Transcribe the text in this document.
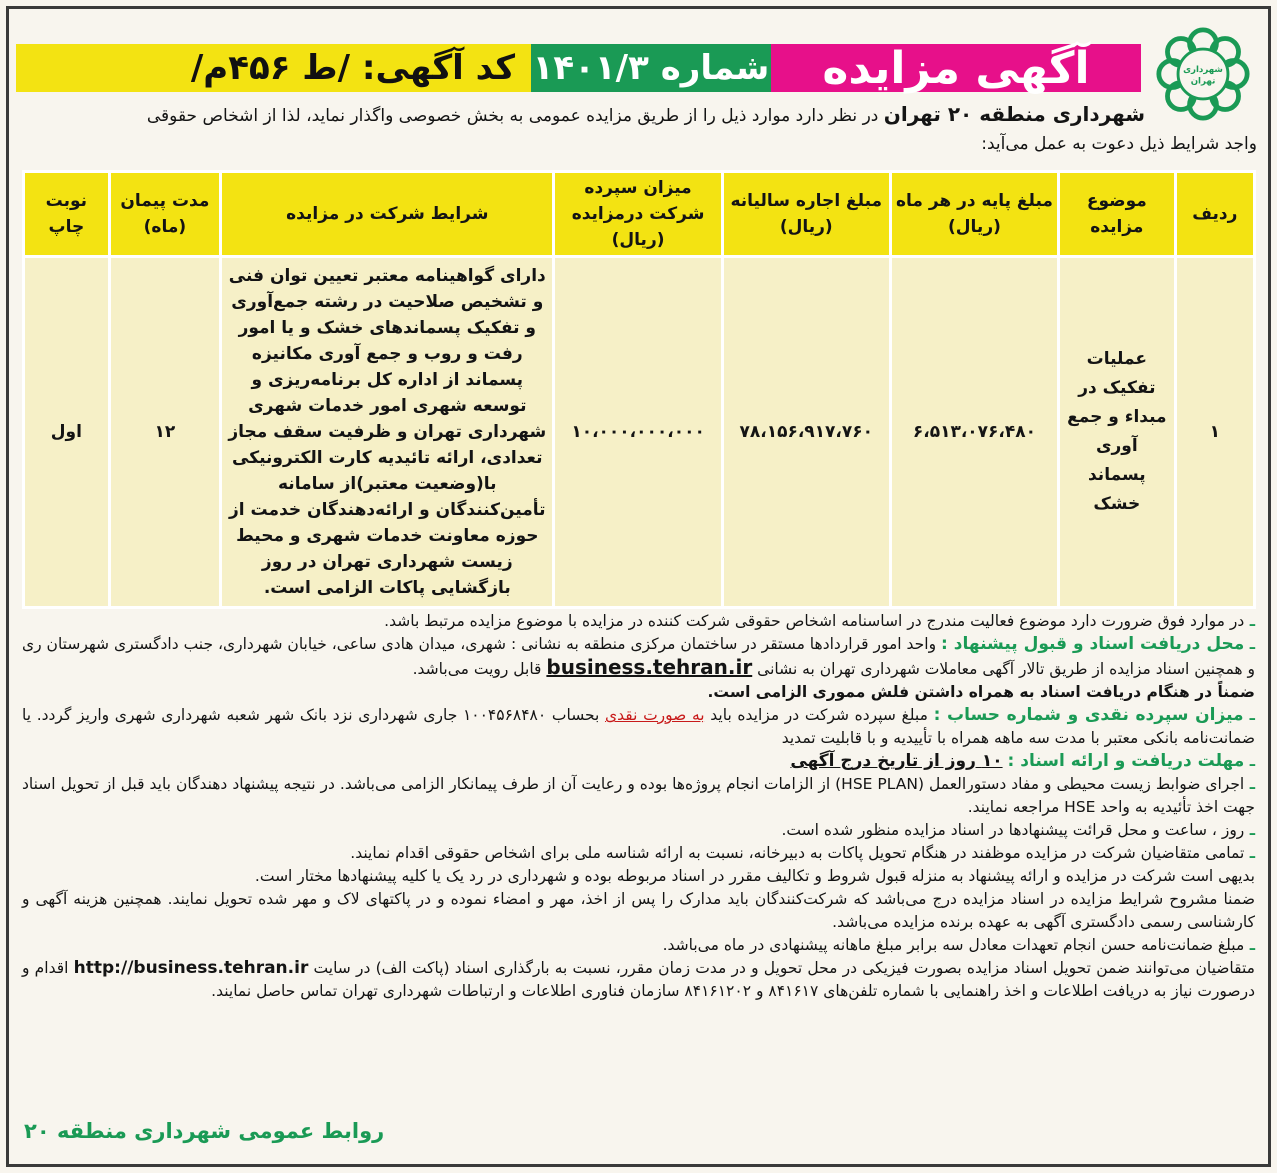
شهرداری
تهران
آگهی مزایده
شماره ۱۴۰۱/۳
کد آگهی: /ط ۴۵۶م/
شهرداری منطقه ۲۰ تهران در نظر دارد موارد ذیل را از طریق مزایده عمومی به بخش خصوصی واگذار نماید، لذا از اشخاص حقوقی
واجد شرایط ذیل دعوت به عمل می‌آید:
ردیف	موضوع مزایده	مبلغ پایه در هر ماه (ریال)	مبلغ اجاره سالیانه (ریال)	میزان سپرده شرکت درمزایده (ریال)	شرایط شرکت در مزایده	مدت پیمان (ماه)	نوبت چاپ
۱	عملیات تفکیک در مبداء و جمع آوری پسماند خشک	۶،۵۱۳،۰۷۶،۴۸۰	۷۸،۱۵۶،۹۱۷،۷۶۰	۱۰،۰۰۰،۰۰۰،۰۰۰	دارای گواهینامه معتبر تعیین توان فنی و تشخیص صلاحیت در رشته جمع‌آوری و تفکیک پسماندهای خشک و یا امور رفت و روب و جمع آوری مکانیزه پسماند از اداره کل برنامه‌ریزی و توسعه شهری امور خدمات شهری شهرداری تهران و ظرفیت سقف مجاز تعدادی، ارائه تائیدیه کارت الکترونیکی با(وضعیت معتبر)از سامانه تأمین‌کنندگان و ارائه‌دهندگان خدمت از حوزه معاونت خدمات شهری و محیط زیست شهرداری تهران در روز بازگشایی پاکات الزامی است.	۱۲	اول

ـ در موارد فوق ضرورت دارد موضوع فعالیت مندرج در اساسنامه اشخاص حقوقی شرکت کننده در مزایده با موضوع مزایده مرتبط باشد.

ـ محل دریافت اسناد و قبول پیشنهاد : واحد امور قراردادها مستقر در ساختمان مرکزی منطقه به نشانی : شهری، میدان هادی ساعی، خیابان شهرداری، جنب دادگستری شهرستان ری و همچنین اسناد مزایده از طریق تالار آگهی معاملات شهرداری تهران به نشانی business.tehran.ir قابل رویت می‌باشد.

ضمناً در هنگام دریافت اسناد به همراه داشتن فلش مموری الزامی است.

ـ میزان سپرده نقدی و شماره حساب : مبلغ سپرده شرکت در مزایده باید به صورت نقدی بحساب ۱۰۰۴۵۶۸۴۸۰ جاری شهرداری نزد بانک شهر شعبه شهرداری شهری واریز گردد. یا ضمانت‌نامه بانکی معتبر با مدت سه ماهه همراه با تأییدیه و با قابلیت تمدید

ـ مهلت دریافت و ارائه اسناد : ۱۰ روز از تاریخ درج آگهی

ـ اجرای ضوابط زیست محیطی و مفاد دستورالعمل (HSE PLAN) از الزامات انجام پروژه‌ها بوده و رعایت آن از طرف پیمانکار الزامی می‌باشد. در نتیجه پیشنهاد دهندگان باید قبل از تحویل اسناد جهت اخذ تأئیدیه به واحد HSE مراجعه نمایند.

ـ روز ، ساعت و محل قرائت پیشنهادها در اسناد مزایده منظور شده است.

ـ تمامی متقاضیان شرکت در مزایده موظفند در هنگام تحویل پاکات به دبیرخانه، نسبت به ارائه شناسه ملی برای اشخاص حقوقی اقدام نمایند.

بدیهی است شرکت در مزایده و ارائه پیشنهاد به منزله قبول شروط و تکالیف مقرر در اسناد مربوطه بوده و شهرداری در رد یک یا کلیه پیشنهادها مختار است.

ضمنا مشروح شرایط مزایده در اسناد مزایده درج می‌باشد که شرکت‌کنندگان باید مدارک را پس از اخذ، مهر و امضاء نموده و در پاکتهای لاک و مهر شده تحویل نمایند. همچنین هزینه آگهی و کارشناسی رسمی دادگستری آگهی به عهده برنده مزایده می‌باشد.

ـ مبلغ ضمانت‌نامه حسن انجام تعهدات معادل سه برابر مبلغ ماهانه پیشنهادی در ماه می‌باشد.

متقاضیان می‌توانند ضمن تحویل اسناد مزایده بصورت فیزیکی در محل تحویل و در مدت زمان مقرر، نسبت به بارگذاری اسناد (پاکت الف) در سایت http://business.tehran.ir اقدام و درصورت نیاز به دریافت اطلاعات و اخذ راهنمایی با شماره تلفن‌های ۸۴۱۶۱۷ و ۸۴۱۶۱۲۰۲ سازمان فناوری اطلاعات و ارتباطات شهرداری تهران تماس حاصل نمایند.

روابط عمومی شهرداری منطقه ۲۰
